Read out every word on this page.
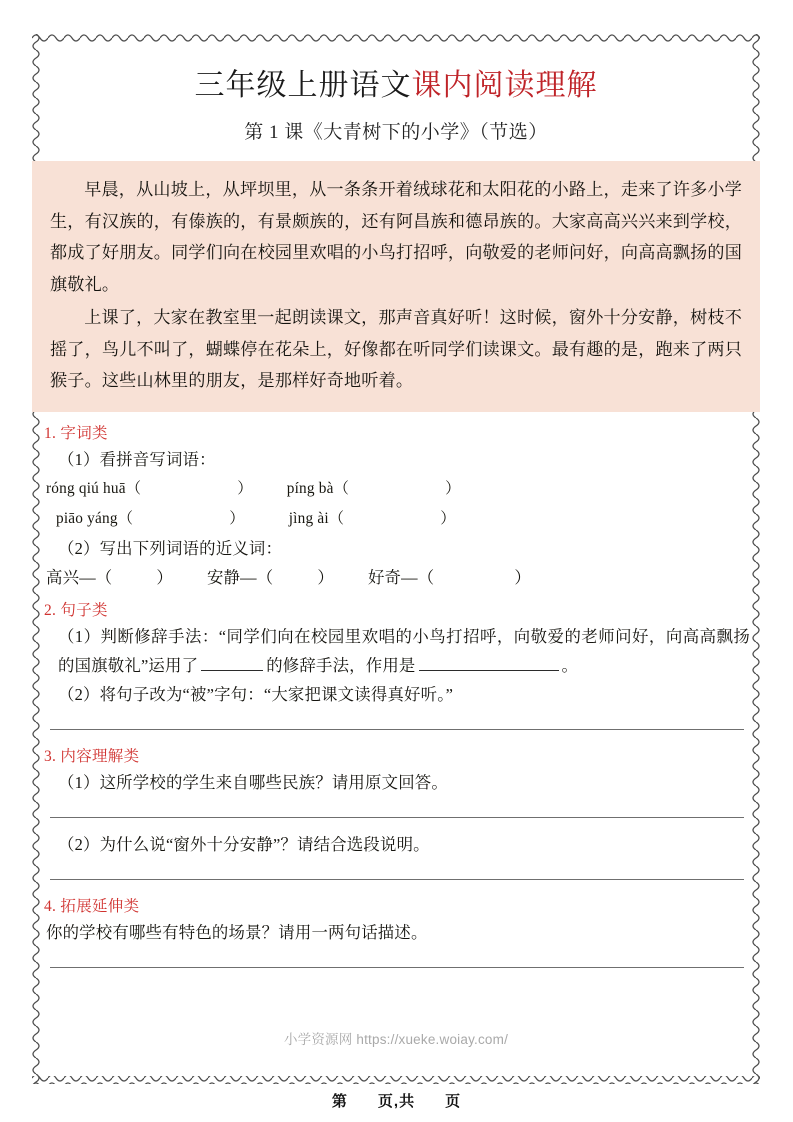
三年级上册语文课内阅读理解
第 1 课《大青树下的小学》（节选）

早晨，从山坡上，从坪坝里，从一条条开着绒球花和太阳花的小路上，走来了许多小学生，有汉族的，有傣族的，有景颇族的，还有阿昌族和德昂族的。大家高高兴兴来到学校，都成了好朋友。同学们向在校园里欢唱的小鸟打招呼，向敬爱的老师问好，向高高飘扬的国旗敬礼。

上课了，大家在教室里一起朗读课文，那声音真好听！这时候，窗外十分安静，树枝不摇了，鸟儿不叫了，蝴蝶停在花朵上，好像都在听同学们读课文。最有趣的是，跑来了两只猴子。这些山林里的朋友，是那样好奇地听着。

1. 字词类
（1）看拼音写词语：
róng qiú huā（	） píng bà（	）
piāo yáng（	）	jìng ài（	）
（2）写出下列词语的近义词：
高兴—（	） 安静—（	） 好奇—（	）
2. 句子类
（1）判断修辞手法：“同学们向在校园里欢唱的小鸟打招呼，向敬爱的老师问好，向高高飘扬的国旗敬礼”运用了	的修辞手法，作用是	。
（2）将句子改为“被”字句：“大家把课文读得真好听。”
3. 内容理解类
（1）这所学校的学生来自哪些民族？请用原文回答。
（2）为什么说“窗外十分安静”？请结合选段说明。
4. 拓展延伸类
你的学校有哪些有特色的场景？请用一两句话描述。
小学资源网 https://xueke.woiay.com/
第 页,共 页
